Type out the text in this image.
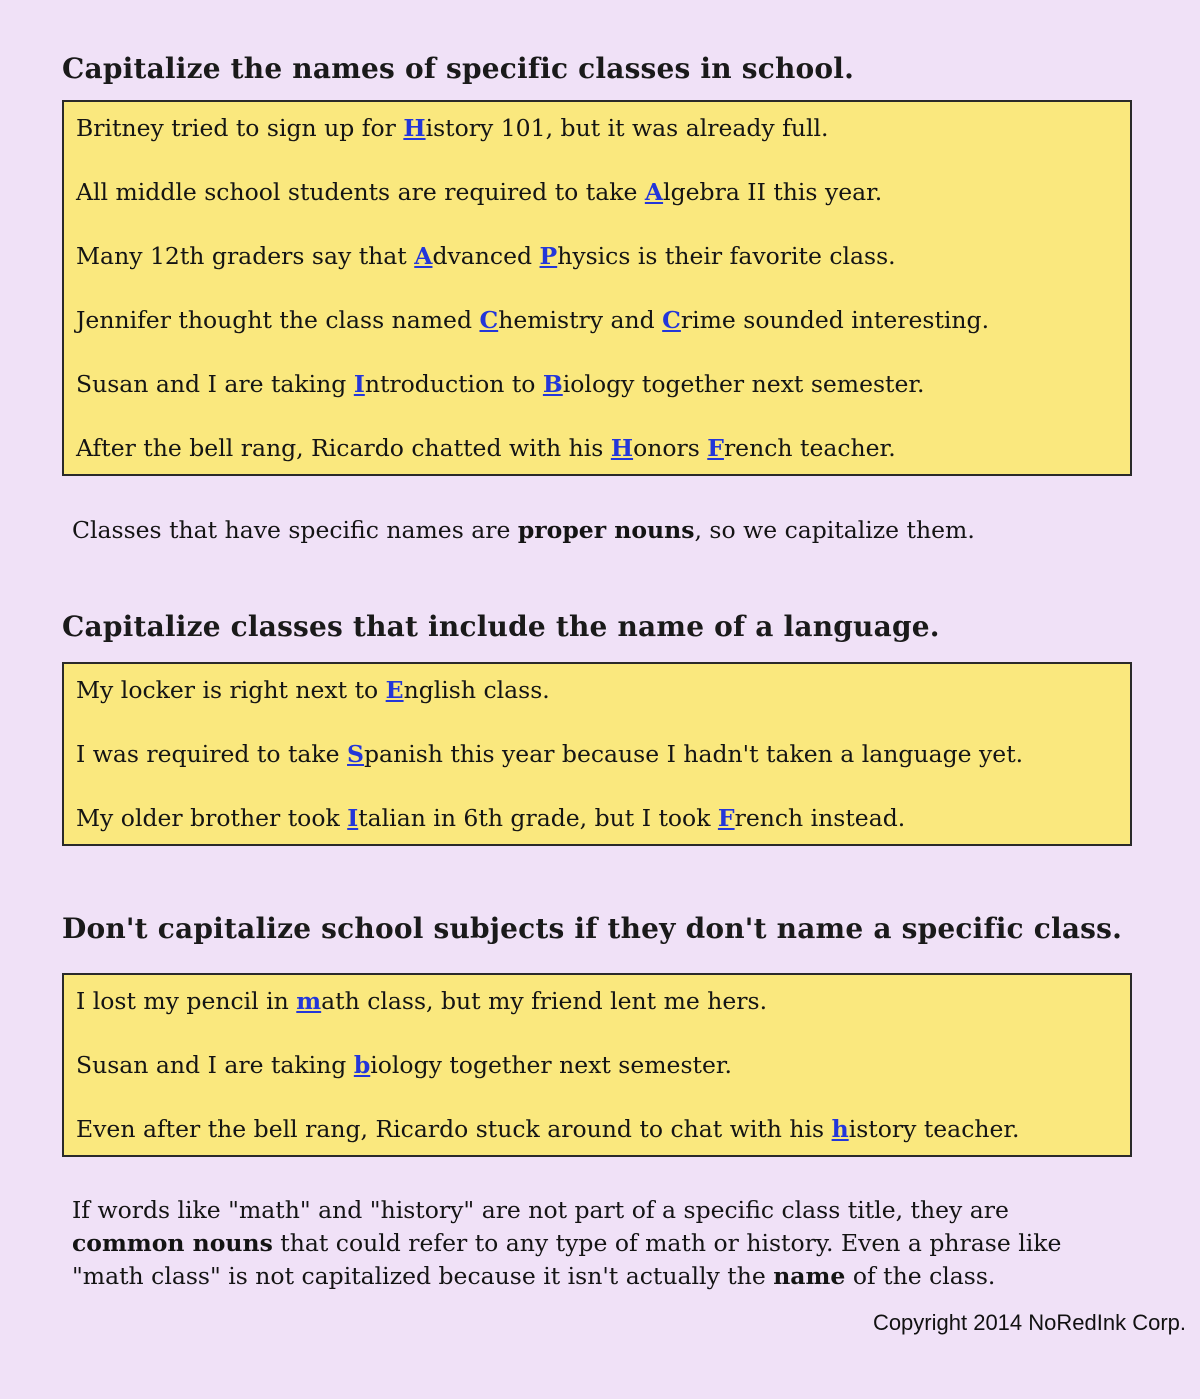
Capitalize the names of specific classes in school.

Britney tried to sign up for History 101, but it was already full.

All middle school students are required to take Algebra II this year.

Many 12th graders say that Advanced Physics is their favorite class.

Jennifer thought the class named Chemistry and Crime sounded interesting.

Susan and I are taking Introduction to Biology together next semester.

After the bell rang, Ricardo chatted with his Honors French teacher.

Classes that have specific names are proper nouns, so we capitalize them.

Capitalize classes that include the name of a language.

My locker is right next to English class.

I was required to take Spanish this year because I hadn't taken a language yet.

My older brother took Italian in 6th grade, but I took French instead.

Don't capitalize school subjects if they don't name a specific class.

I lost my pencil in math class, but my friend lent me hers.

Susan and I are taking biology together next semester.

Even after the bell rang, Ricardo stuck around to chat with his history teacher.

If words like "math" and "history" are not part of a specific class title, they are
common nouns that could refer to any type of math or history. Even a phrase like
"math class" is not capitalized because it isn't actually the name of the class.
Copyright 2014 NoRedInk Corp.
